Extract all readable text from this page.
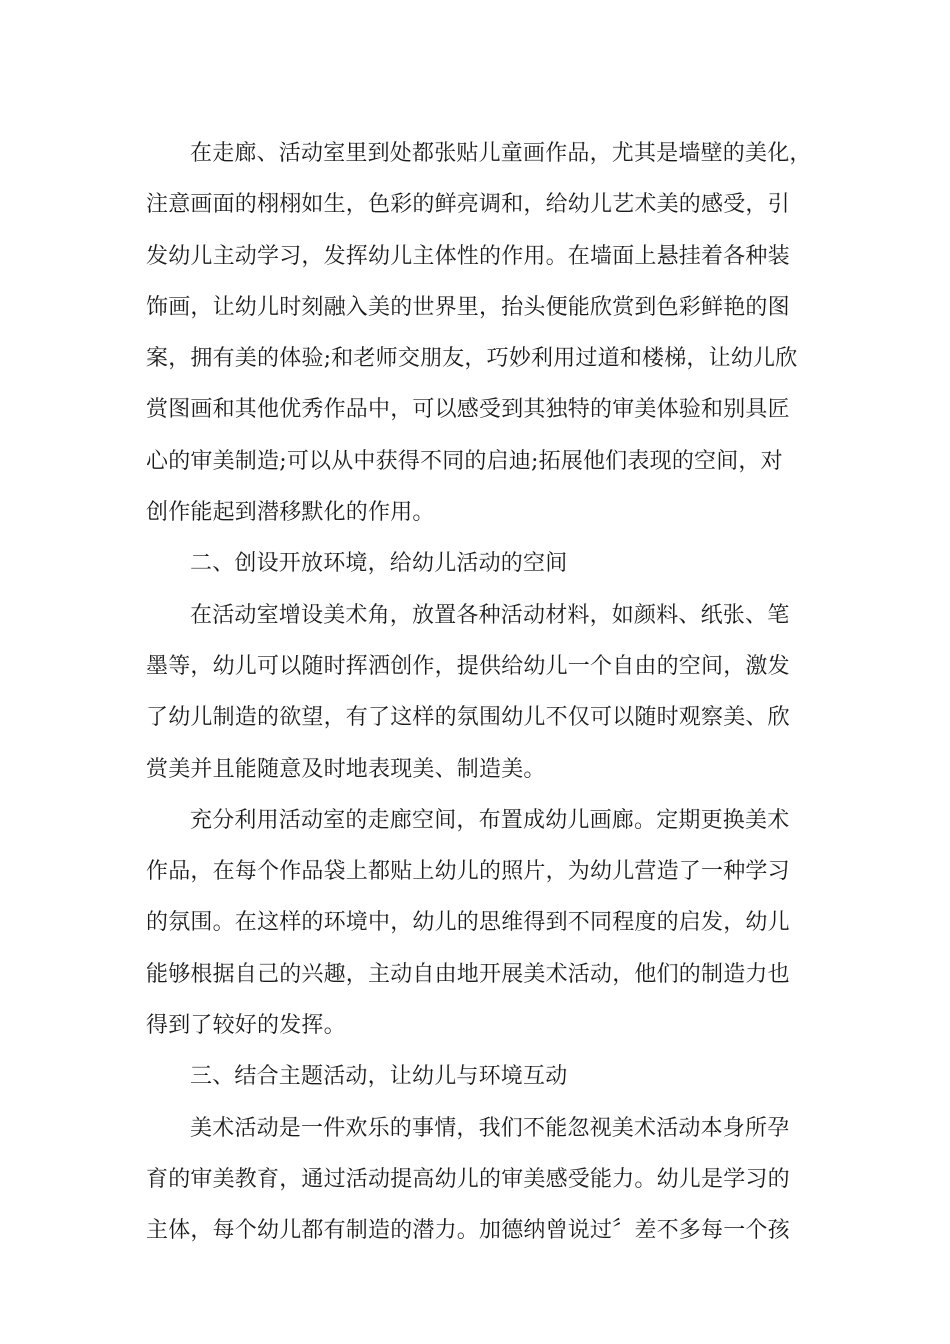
在走廊、活动室里到处都张贴儿童画作品，尤其是墙壁的美化，
注意画面的栩栩如生，色彩的鲜亮调和，给幼儿艺术美的感受，引
发幼儿主动学习，发挥幼儿主体性的作用。在墙面上悬挂着各种装
饰画，让幼儿时刻融入美的世界里，抬头便能欣赏到色彩鲜艳的图
案，拥有美的体验;和老师交朋友，巧妙利用过道和楼梯，让幼儿欣
赏图画和其他优秀作品中，可以感受到其独特的审美体验和别具匠
心的审美制造;可以从中获得不同的启迪;拓展他们表现的空间，对
创作能起到潜移默化的作用。
二、创设开放环境，给幼儿活动的空间
在活动室增设美术角，放置各种活动材料，如颜料、纸张、笔
墨等，幼儿可以随时挥洒创作，提供给幼儿一个自由的空间，激发
了幼儿制造的欲望，有了这样的氛围幼儿不仅可以随时观察美、欣
赏美并且能随意及时地表现美、制造美。
充分利用活动室的走廊空间，布置成幼儿画廊。定期更换美术
作品，在每个作品袋上都贴上幼儿的照片，为幼儿营造了一种学习
的氛围。在这样的环境中，幼儿的思维得到不同程度的启发，幼儿
能够根据自己的兴趣，主动自由地开展美术活动，他们的制造力也
得到了较好的发挥。
三、结合主题活动，让幼儿与环境互动
美术活动是一件欢乐的事情，我们不能忽视美术活动本身所孕
育的审美教育，通过活动提高幼儿的审美感受能力。幼儿是学习的
主体，每个幼儿都有制造的潜力。加德纳曾说过〞差不多每一个孩
